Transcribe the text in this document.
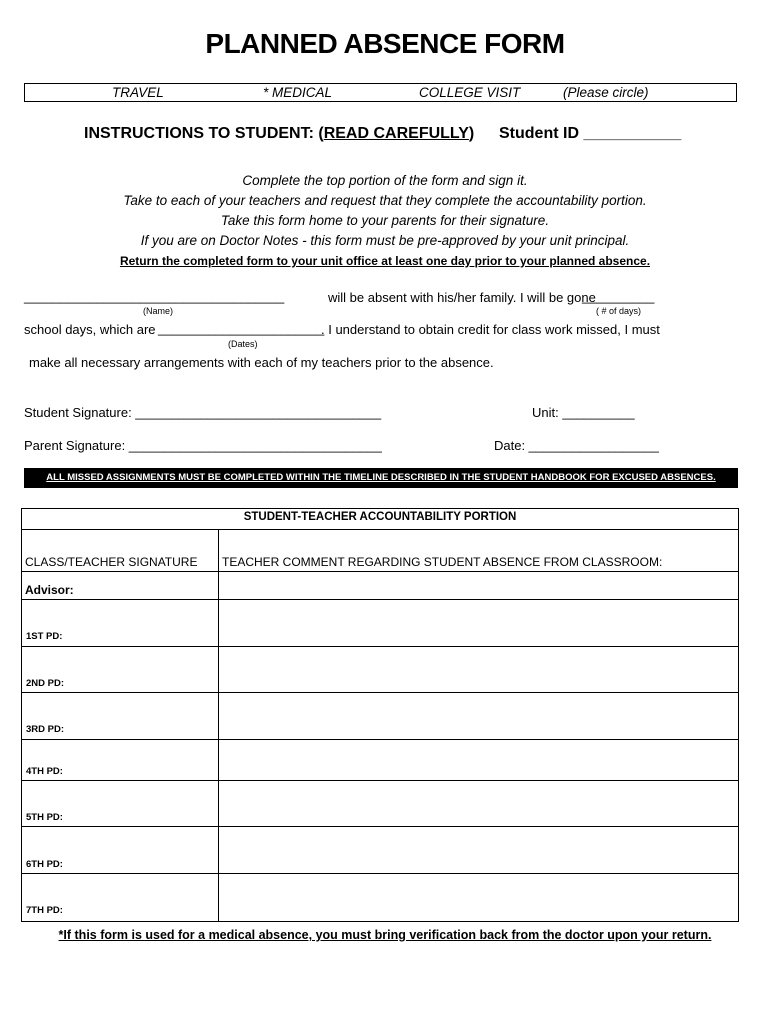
PLANNED ABSENCE FORM
TRAVEL	* MEDICAL	COLLEGE VISIT	(Please circle)
INSTRUCTIONS TO STUDENT: (READ CAREFULLY) Student ID ___________
Complete the top portion of the form and sign it.
Take to each of your teachers and request that they complete the accountability portion.
Take this form home to your parents for their signature.
If you are on Doctor Notes - this form must be pre-approved by your unit principal.
Return the completed form to your unit office at least one day prior to your planned absence.
____________________________________	will be absent with his/her family. I will be gone
__________
(Name)	( # of days)
school days, which are _______________________
. I understand to obtain credit for class work missed, I must
(Dates)
make all necessary arrangements with each of my teachers prior to the absence.
Student Signature: __________________________________	Unit: __________
Parent Signature: ___________________________________	Date: __________________
ALL MISSED ASSIGNMENTS MUST BE COMPLETED WITHIN THE TIMELINE DESCRIBED IN THE STUDENT HANDBOOK FOR EXCUSED ABSENCES.
STUDENT-TEACHER ACCOUNTABILITY PORTION
CLASS/TEACHER SIGNATURE TEACHER COMMENT REGARDING STUDENT ABSENCE FROM CLASSROOM:
Advisor:
1ST PD:
2ND PD:
3RD PD:
4TH PD:
5TH PD:
6TH PD:
7TH PD:
*If this form is used for a medical absence, you must bring verification back from the doctor upon your return.
